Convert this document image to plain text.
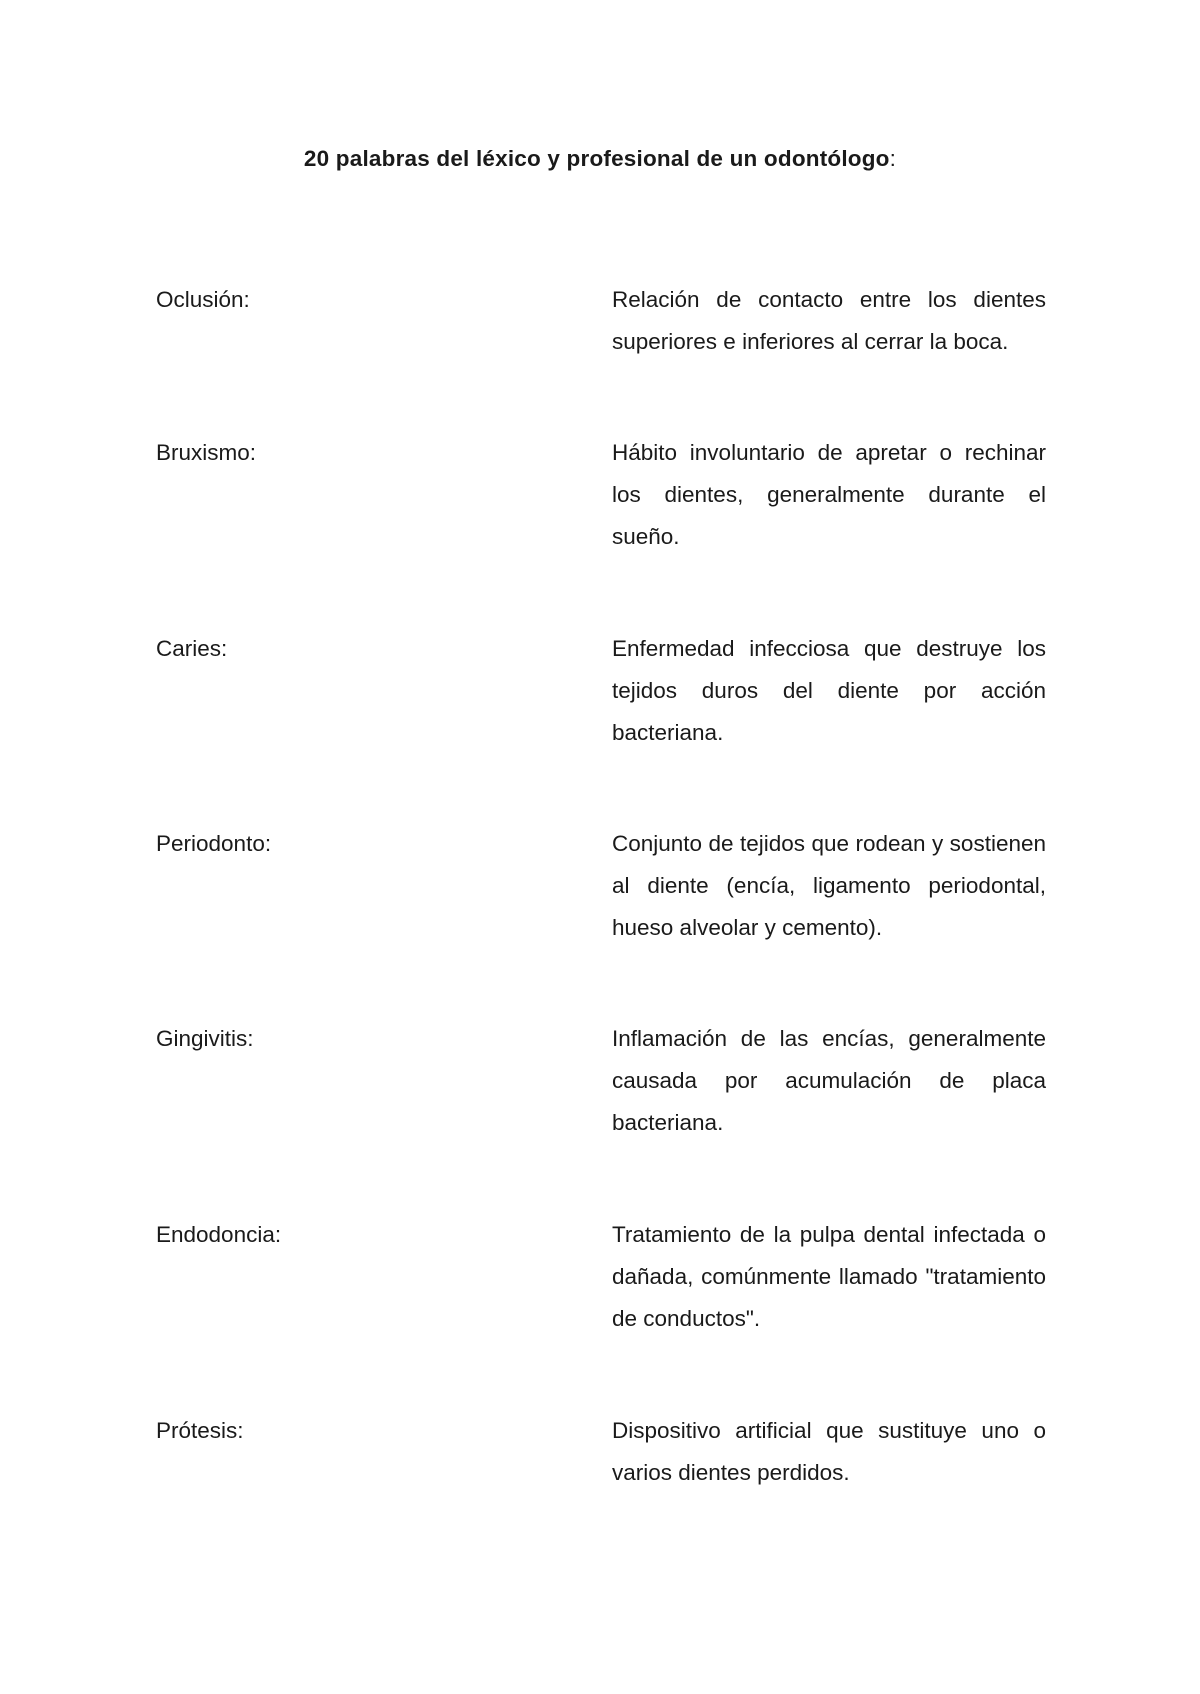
20 palabras del léxico y profesional de un odontólogo:
Oclusión:	Relación de contacto entre los dientes superiores e inferiores al cerrar la boca.
Bruxismo:	Hábito involuntario de apretar o rechinar los dientes, generalmente durante el sueño.
Caries:	Enfermedad infecciosa que destruye los tejidos duros del diente por acción bacteriana.
Periodonto:	Conjunto de tejidos que rodean y sostienen al diente (encía, ligamento periodontal, hueso alveolar y cemento).
Gingivitis:	Inflamación de las encías, generalmente causada por acumulación de placa bacteriana.
Endodoncia:	Tratamiento de la pulpa dental infectada o dañada, comúnmente llamado "tratamiento de conductos".
Prótesis:	Dispositivo artificial que sustituye uno o varios dientes perdidos.
